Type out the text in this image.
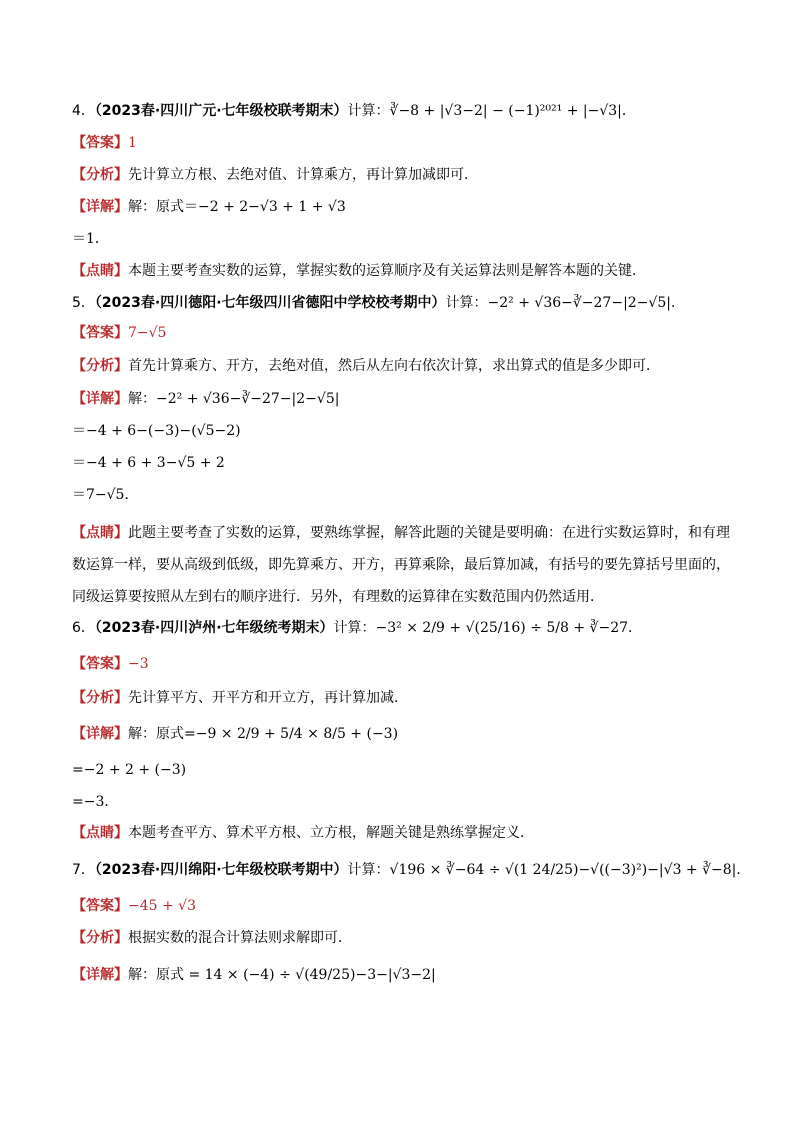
4．（2023春·四川广元·七年级校联考期末）计算：∛−8 + |√3−2| − (−1)²⁰²¹ + |−√3|．
【答案】1
【分析】先计算立方根、去绝对值、计算乘方，再计算加减即可．
【详解】解：原式＝−2 + 2−√3 + 1 + √3
＝1．
【点睛】本题主要考查实数的运算，掌握实数的运算顺序及有关运算法则是解答本题的关键．
5．（2023春·四川德阳·七年级四川省德阳中学校校考期中）计算：−2² + √36−∛−27−|2−√5|．
【答案】7−√5
【分析】首先计算乘方、开方，去绝对值，然后从左向右依次计算，求出算式的值是多少即可．
【详解】解：−2² + √36−∛−27−|2−√5|
＝−4 + 6−(−3)−(√5−2)
＝−4 + 6 + 3−√5 + 2
＝7−√5．
【点睛】此题主要考查了实数的运算，要熟练掌握，解答此题的关键是要明确：在进行实数运算时，和有理数运算一样，要从高级到低级，即先算乘方、开方，再算乘除，最后算加减，有括号的要先算括号里面的，同级运算要按照从左到右的顺序进行．另外，有理数的运算律在实数范围内仍然适用．
6．（2023春·四川泸州·七年级统考期末）计算：−3² × 2/9 + √(25/16) ÷ 5/8 + ∛−27．
【答案】−3
【分析】先计算平方、开平方和开立方，再计算加减．
【详解】解：原式=−9 × 2/9 + 5/4 × 8/5 + (−3)
=−2 + 2 + (−3)
=−3．
【点睛】本题考查平方、算术平方根、立方根，解题关键是熟练掌握定义．
7．（2023春·四川绵阳·七年级校联考期中）计算：√196 × ∛−64 ÷ √(1 24/25)−√((−3)²)−|√3 + ∛−8|．
【答案】−45 + √3
【分析】根据实数的混合计算法则求解即可．
【详解】解：原式 = 14 × (−4) ÷ √(49/25)−3−|√3−2|
